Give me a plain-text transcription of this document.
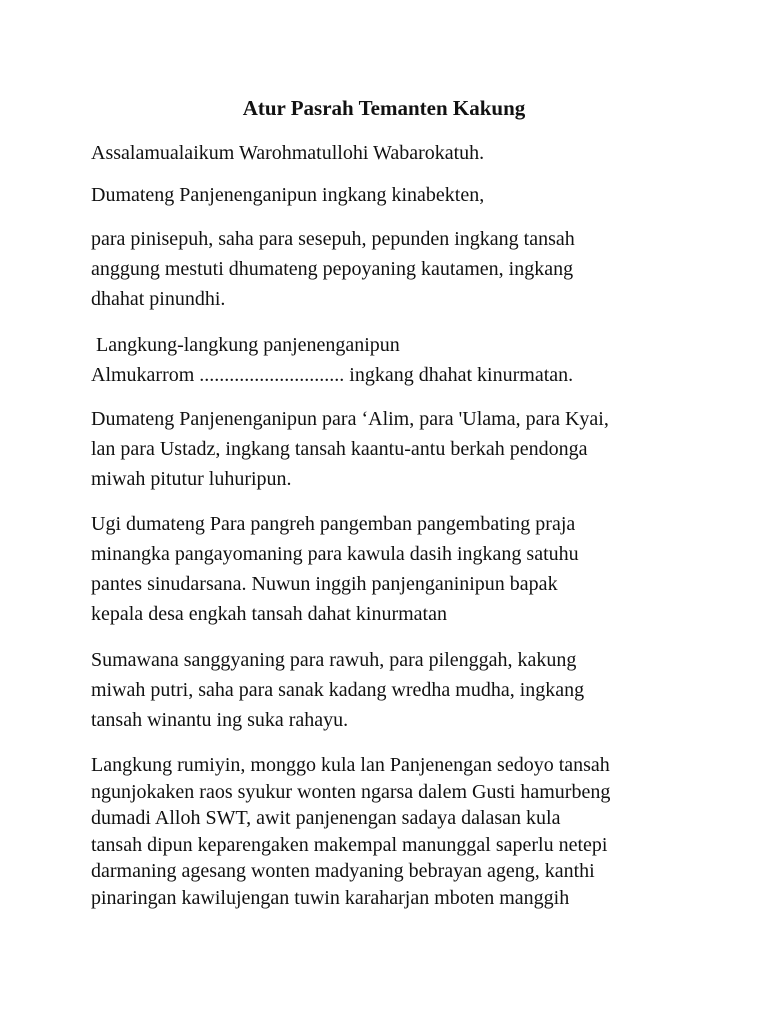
Atur Pasrah Temanten Kakung
Assalamualaikum Warohmatullohi Wabarokatuh.
Dumateng Panjenenganipun ingkang kinabekten,
para pinisepuh, saha para sesepuh, pepunden ingkang tansah
anggung mestuti dhumateng pepoyaning kautamen, ingkang
dhahat pinundhi.
Langkung-langkung panjenenganipun
Almukarrom ............................. ingkang dhahat kinurmatan.
Dumateng Panjenenganipun para ‘Alim, para 'Ulama, para Kyai,
lan para Ustadz, ingkang tansah kaantu-antu berkah pendonga
miwah pitutur luhuripun.
Ugi dumateng Para pangreh pangemban pangembating praja
minangka pangayomaning para kawula dasih ingkang satuhu
pantes sinudarsana. Nuwun inggih panjenganinipun bapak
kepala desa engkah tansah dahat kinurmatan
Sumawana sanggyaning para rawuh, para pilenggah, kakung
miwah putri, saha para sanak kadang wredha mudha, ingkang
tansah winantu ing suka rahayu.
Langkung rumiyin, monggo kula lan Panjenengan sedoyo tansah
ngunjokaken raos syukur wonten ngarsa dalem Gusti hamurbeng
dumadi Alloh SWT, awit panjenengan sadaya dalasan kula
tansah dipun keparengaken makempal manunggal saperlu netepi
darmaning agesang wonten madyaning bebrayan ageng, kanthi
pinaringan kawilujengan tuwin karaharjan mboten manggih
